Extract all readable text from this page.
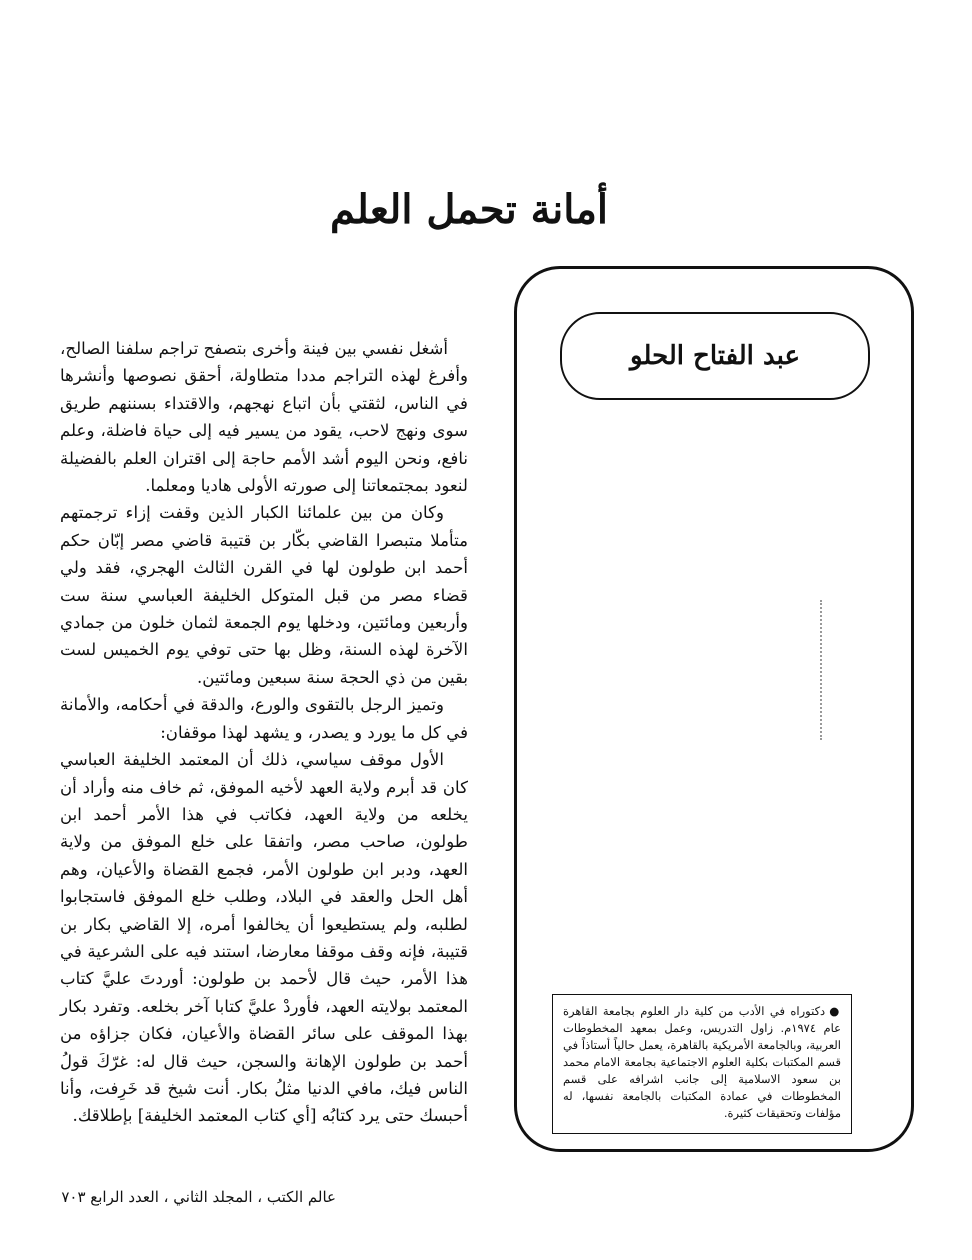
أمانة تحمل العلم
عبد الفتاح الحلو
●دكتوراه في الأدب من كلية دار العلوم بجامعة القاهرة عام ١٩٧٤م. زاول التدريس، وعمل بمعهد المخطوطات العربية، وبالجامعة الأمريكية بالقاهرة، يعمل حالياً أستاذاً في قسم المكتبات بكلية العلوم الاجتماعية بجامعة الامام محمد بن سعود الاسلامية إلى جانب اشرافه على قسم المخطوطات في عمادة المكتبات بالجامعة نفسها، له مؤلفات وتحقيقات كثيرة.

أشغل نفسي بين فينة وأخرى بتصفح تراجم سلفنا الصالح، وأفرغ لهذه التراجم مددا متطاولة، أحقق نصوصها وأنشرها في الناس، لثقتي بأن اتباع نهجهم، والاقتداء بسننهم طريق سوى ونهج لاحب، يقود من يسير فيه إلى حياة فاضلة، وعلم نافع، ونحن اليوم أشد الأمم حاجة إلى اقتران العلم بالفضيلة لنعود بمجتمعاتنا إلى صورته الأولى هاديا ومعلما.

وكان من بين علمائنا الكبار الذين وقفت إزاء ترجمتهم متأملا متبصرا القاضي بكّار بن قتيبة قاضي مصر إبّان حكم أحمد ابن طولون لها في القرن الثالث الهجري، فقد ولي قضاء مصر من قبل المتوكل الخليفة العباسي سنة ست وأربعين ومائتين، ودخلها يوم الجمعة لثمان خلون من جمادي الآخرة لهذه السنة، وظل بها حتى توفي يوم الخميس لست بقين من ذي الحجة سنة سبعين ومائتين.

وتميز الرجل بالتقوى والورع، والدقة في أحكامه، والأمانة في كل ما يورد و يصدر، و يشهد لهذا موقفان:

الأول موقف سياسي، ذلك أن المعتمد الخليفة العباسي كان قد أبرم ولاية العهد لأخيه الموفق، ثم خاف منه وأراد أن يخلعه من ولاية العهد، فكاتب في هذا الأمر أحمد ابن طولون، صاحب مصر، واتفقا على خلع الموفق من ولاية العهد، ودبر ابن طولون الأمر، فجمع القضاة والأعيان، وهم أهل الحل والعقد في البلاد، وطلب خلع الموفق فاستجابوا لطلبه، ولم يستطيعوا أن يخالفوا أمره، إلا القاضي بكار بن قتيبة، فإنه وقف موقفا معارضا، استند فيه على الشرعية في هذا الأمر، حيث قال لأحمد بن طولون: أوردتَ عليَّ كتاب المعتمد بولايته العهد، فأوردْ عليَّ كتابا آخر بخلعه. وتفرد بكار بهذا الموقف على سائر القضاة والأعيان، فكان جزاؤه من أحمد بن طولون الإهانة والسجن، حيث قال له: غرّكَ قولُ الناس فيك، مافي الدنيا مثلُ بكار. أنت شيخ قد خَرِفت، وأنا أحبسك حتى يرد كتابُه [أي كتاب المعتمد الخليفة] بإطلاقك.

عالم الكتب ، المجلد الثاني ، العدد الرابع ٧٠٣
